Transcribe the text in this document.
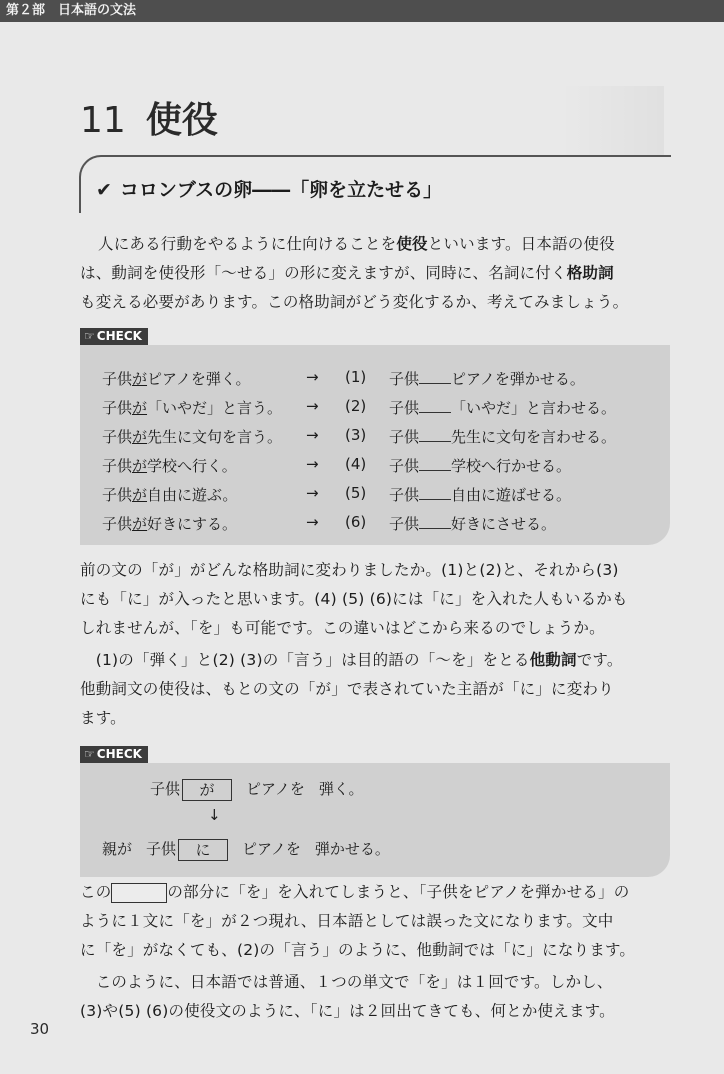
第２部　日本語の文法
11 使役
✔ コロンブスの卵――「卵を立たせる」
人にある行動をやるように仕向けることを使役といいます。日本語の使役
は、動詞を使役形「〜せる」の形に変えますが、同時に、名詞に付く格助詞
も変える必要があります。この格助詞がどう変化するか、考えてみましょう。
☞ CHECK
子供がピアノを弾く。	→ (1) 子供 ピアノを弾かせる。
子供が「いやだ」と言う。 → (2) 子供 「いやだ」と言わせる。
子供が先生に文句を言う。 → (3) 子供 先生に文句を言わせる。
子供が学校へ行く。	→ (4) 子供 学校へ行かせる。
子供が自由に遊ぶ。	→ (5) 子供 自由に遊ばせる。
子供が好きにする。	→ (6) 子供 好きにさせる。
前の文の「が」がどんな格助詞に変わりましたか。(1)と(2)と、それから(3)
にも「に」が入ったと思います。(4) (5) (6)には「に」を入れた人もいるかも
しれませんが、「を」も可能です。この違いはどこから来るのでしょうか。
　(1)の「弾く」と(2) (3)の「言う」は目的語の「〜を」をとる他動詞です。
他動詞文の使役は、もとの文の「が」で表されていた主語が「に」に変わり
ます。
☞ CHECK
子供 が ピアノを 弾く。
↓
親が 子供 に ピアノを 弾かせる。
この	の部分に「を」を入れてしまうと、「子供をピアノを弾かせる」の
ように１文に「を」が２つ現れ、日本語としては誤った文になります。文中
に「を」がなくても、(2)の「言う」のように、他動詞では「に」になります。
　このように、日本語では普通、１つの単文で「を」は１回です。しかし、
(3)や(5) (6)の使役文のように、「に」は２回出てきても、何とか使えます。
30
